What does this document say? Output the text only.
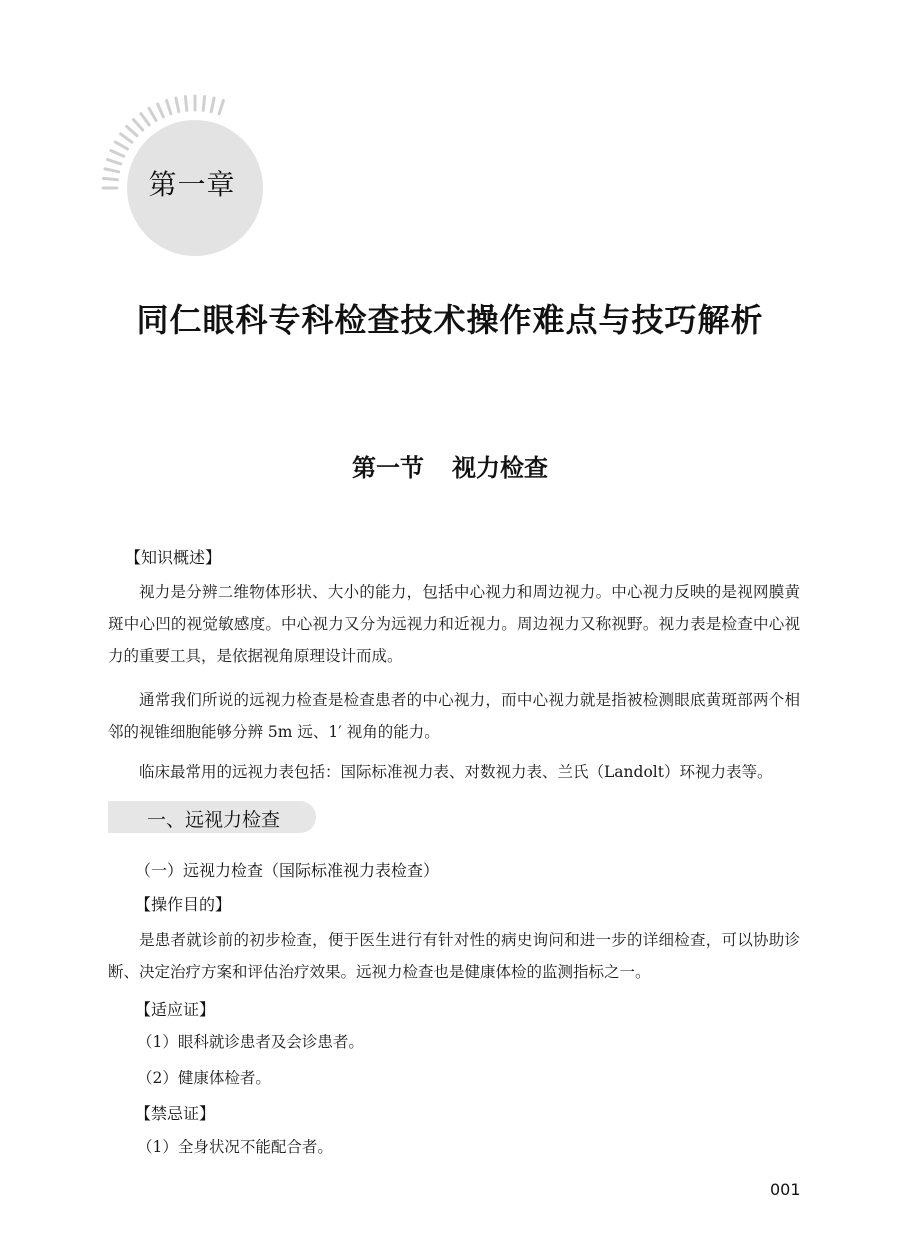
第一章
同仁眼科专科检查技术操作难点与技巧解析
第一节 视力检查
【知识概述】
视力是分辨二维物体形状、大小的能力，包括中心视力和周边视力。中心视力反映的是视网膜黄斑中心凹的视觉敏感度。中心视力又分为远视力和近视力。周边视力又称视野。视力表是检查中心视力的重要工具，是依据视角原理设计而成。
通常我们所说的远视力检查是检查患者的中心视力，而中心视力就是指被检测眼底黄斑部两个相邻的视锥细胞能够分辨 5m 远、1′ 视角的能力。
临床最常用的远视力表包括：国际标准视力表、对数视力表、兰氏（Landolt）环视力表等。
一、远视力检查
（一）远视力检查（国际标准视力表检查）
【操作目的】
是患者就诊前的初步检查，便于医生进行有针对性的病史询问和进一步的详细检查，可以协助诊断、决定治疗方案和评估治疗效果。远视力检查也是健康体检的监测指标之一。
【适应证】
（1）眼科就诊患者及会诊患者。
（2）健康体检者。
【禁忌证】
（1）全身状况不能配合者。
001
